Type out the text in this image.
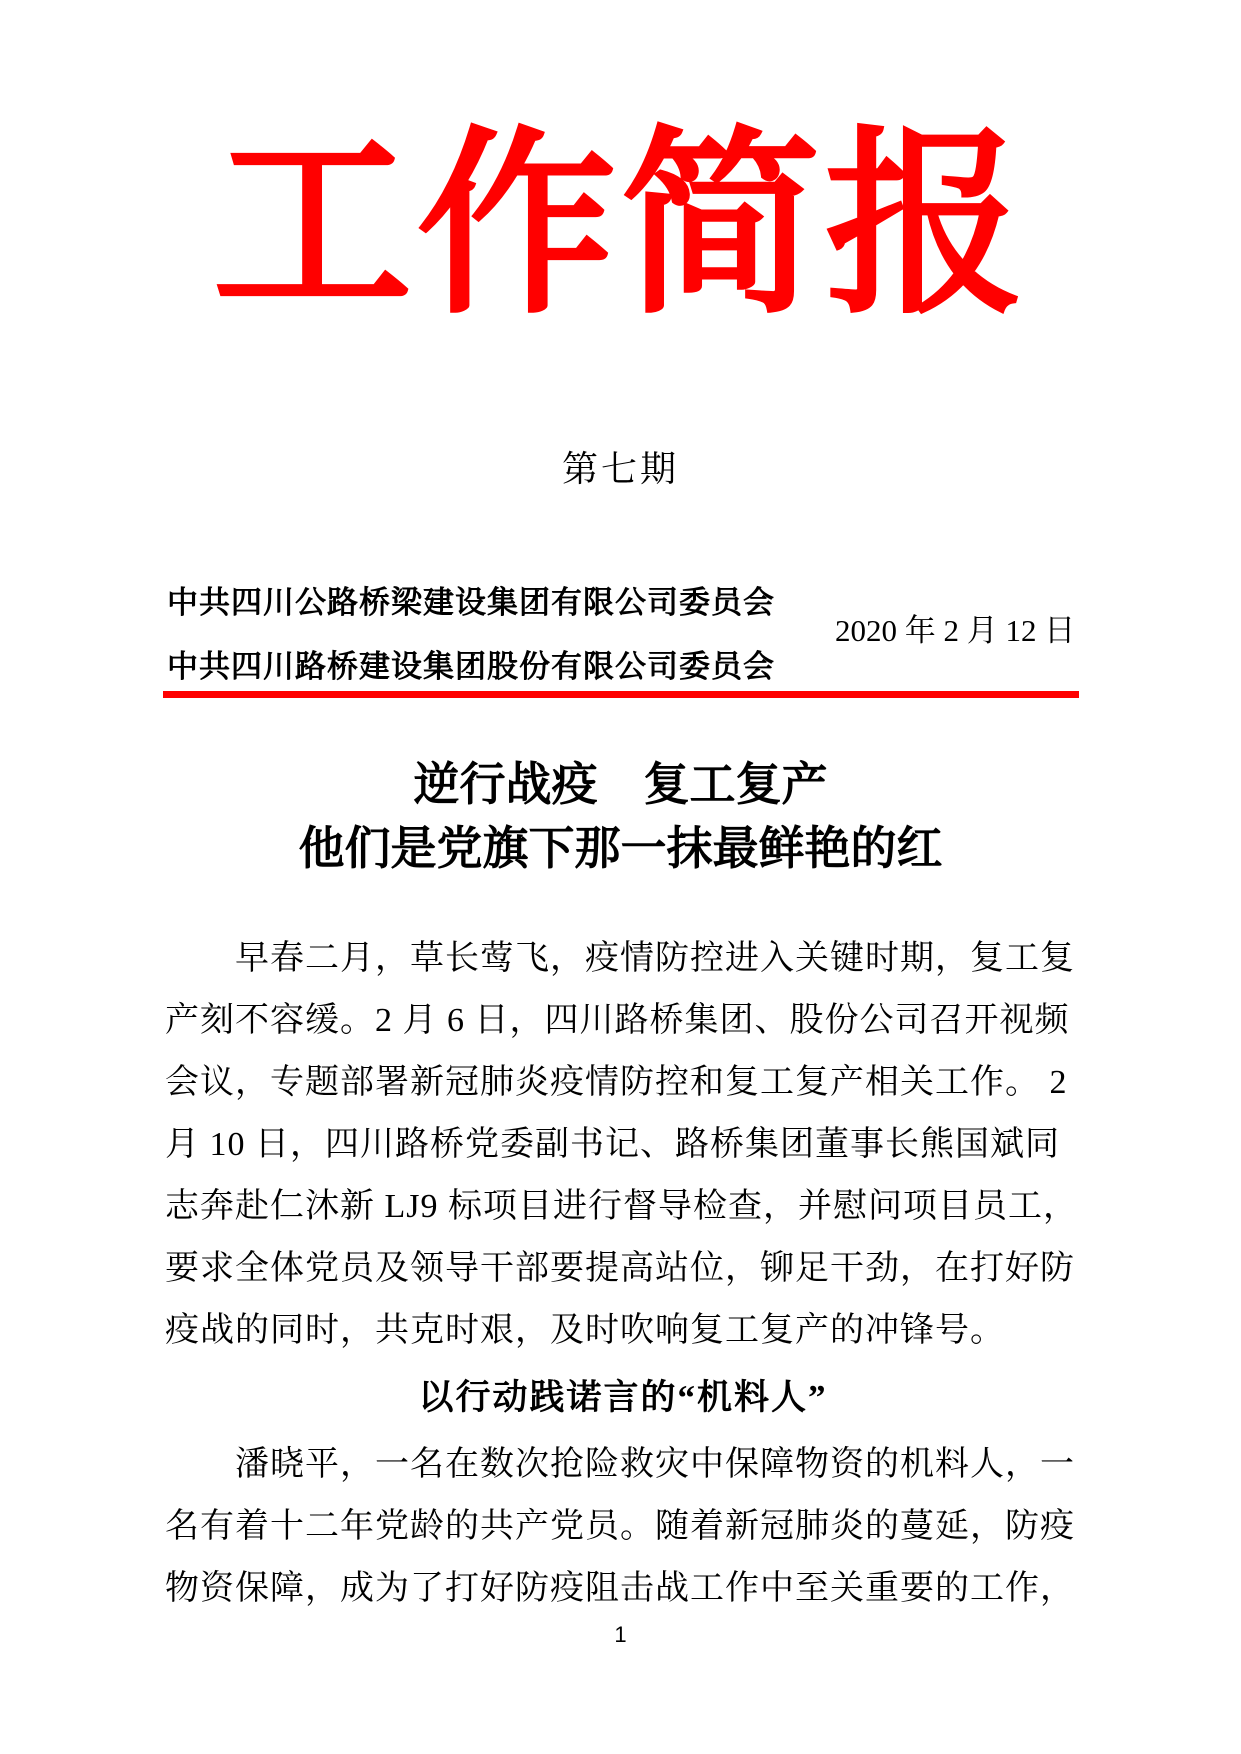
工作简报
第七期
中共四川公路桥梁建设集团有限公司委员会
2020 年 2 月 12 日
中共四川路桥建设集团股份有限公司委员会
逆行战疫　复工复产
他们是党旗下那一抹最鲜艳的红
早春二月，草长莺飞，疫情防控进入关键时期，复工复
产刻不容缓。2 月 6 日，四川路桥集团、股份公司召开视频
会议，专题部署新冠肺炎疫情防控和复工复产相关工作。 2
月 10 日，四川路桥党委副书记、路桥集团董事长熊国斌同
志奔赴仁沐新 LJ9 标项目进行督导检查，并慰问项目员工，
要求全体党员及领导干部要提高站位，铆足干劲，在打好防
疫战的同时，共克时艰，及时吹响复工复产的冲锋号。
以行动践诺言的“机料人”
潘晓平，一名在数次抢险救灾中保障物资的机料人，一
名有着十二年党龄的共产党员。随着新冠肺炎的蔓延，防疫
物资保障，成为了打好防疫阻击战工作中至关重要的工作，
1
